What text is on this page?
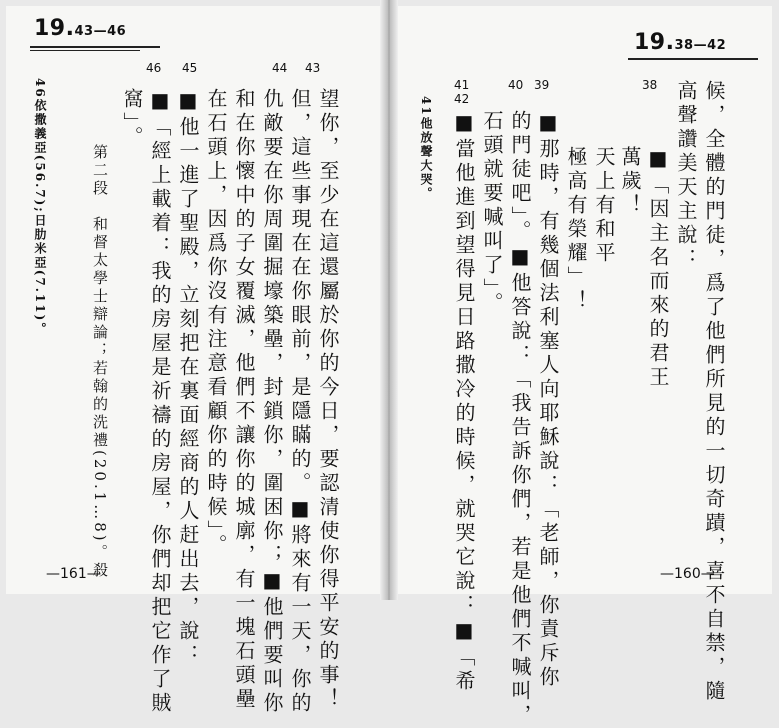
19.43—46
46 45	44 43
46依撒義亞(56.7);日肋米亞(7.11)。	第二段　和督太學士辯論；若翰的洗禮(20.1…8)。殺
窩」。 ■「經上載着：我的房屋是祈禱的房屋，你們却把它作了賊 ■他一進了聖殿，立刻把在裏面經商的人赶出去，說： 在石頭上，因爲你沒有注意看顧你的時候」。 和在你懷中的子女覆滅，他們不讓你的城廓，有一塊石頭壘 仇敵要在你周圍掘壕築壘，封鎖你，圍困你；■他們要叫你 但，這些事現在在你眼前，是隱瞞的。■將來有一天，你的 望你，至少在這還屬於你的今日，要認清使你得平安的事！
—161—
19.38—42
41
42
40 39	38
41他放聲大哭。 ■當他進到望得見日路撒冷的時候，就哭它說：■「希 石頭就要喊叫了」。 的門徒吧」。■他答說：「我告訴你們，若是他們不喊叫， ■那時，有幾個法利塞人向耶穌說：「老師，你責斥你 極高有榮耀」！ 天上有和平 萬歲！ ■「因主名而來的君王 高聲讚美天主說： 候，全體的門徒，爲了他們所見的一切奇蹟，喜不自禁，隨
—160—
